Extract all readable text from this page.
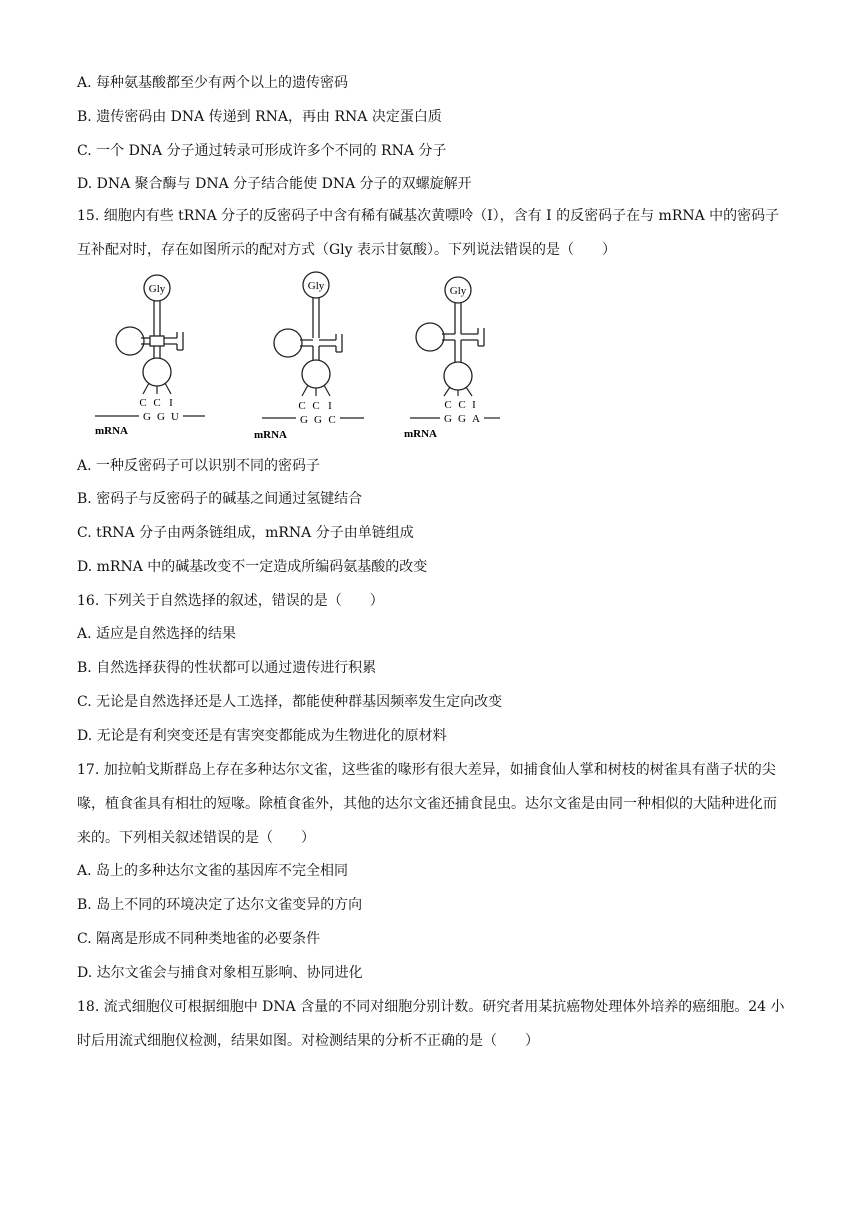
A. 每种氨基酸都至少有两个以上的遗传密码
B. 遗传密码由 DNA 传递到 RNA，再由 RNA 决定蛋白质
C. 一个 DNA 分子通过转录可形成许多个不同的 RNA 分子
D. DNA 聚合酶与 DNA 分子结合能使 DNA 分子的双螺旋解开
15. 细胞内有些 tRNA 分子的反密码子中含有稀有碱基次黄嘌呤（I），含有 I 的反密码子在与 mRNA 中的密码子互补配对时，存在如图所示的配对方式（Gly 表示甘氨酸）。下列说法错误的是（　　）
Gly
C C I
G G U
mRNA
Gly
C C I
G G C
mRNA
Gly
C C I
G G A
mRNA
A. 一种反密码子可以识别不同的密码子
B. 密码子与反密码子的碱基之间通过氢键结合
C. tRNA 分子由两条链组成，mRNA 分子由单链组成
D. mRNA 中的碱基改变不一定造成所编码氨基酸的改变
16. 下列关于自然选择的叙述，错误的是（　　）
A. 适应是自然选择的结果
B. 自然选择获得的性状都可以通过遗传进行积累
C. 无论是自然选择还是人工选择，都能使种群基因频率发生定向改变
D. 无论是有利突变还是有害突变都能成为生物进化的原材料
17. 加拉帕戈斯群岛上存在多种达尔文雀，这些雀的喙形有很大差异，如捕食仙人掌和树枝的树雀具有凿子状的尖喙，植食雀具有相壮的短喙。除植食雀外，其他的达尔文雀还捕食昆虫。达尔文雀是由同一种相似的大陆种进化而来的。下列相关叙述错误的是（　　）
A. 岛上的多种达尔文雀的基因库不完全相同
B. 岛上不同的环境决定了达尔文雀变异的方向
C. 隔离是形成不同种类地雀的必要条件
D. 达尔文雀会与捕食对象相互影响、协同进化
18. 流式细胞仪可根据细胞中 DNA 含量的不同对细胞分别计数。研究者用某抗癌物处理体外培养的癌细胞。24 小时后用流式细胞仪检测，结果如图。对检测结果的分析不正确的是（　　）
